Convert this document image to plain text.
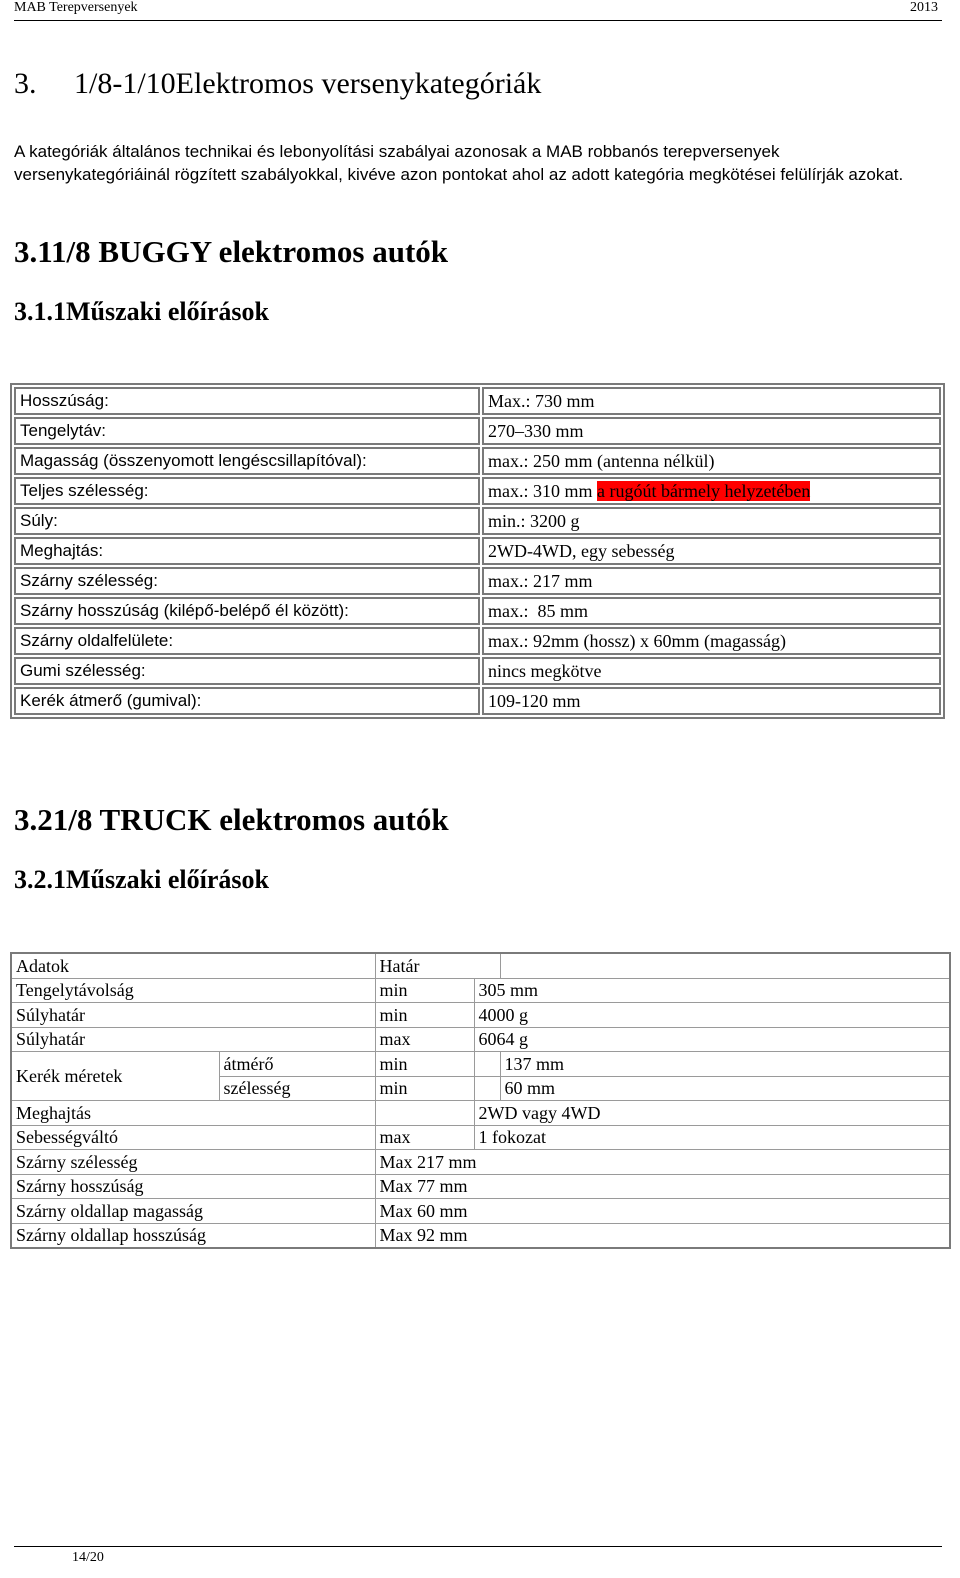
MAB Terepversenyek	2013
3. 1/8-1/10Elektromos versenykategóriák
A kategóriák általános technikai és lebonyolítási szabályai azonosak a MAB robbanós terepversenyek versenykategóriáinál rögzített szabályokkal, kivéve azon pontokat ahol az adott kategória megkötései felülírják azokat.
3.11/8 BUGGY elektromos autók
3.1.1Műszaki előírások
Hosszúság:	Max.: 730 mm
Tengelytáv:	270–330 mm
Magasság (összenyomott lengéscsillapítóval):	max.: 250 mm (antenna nélkül)
Teljes szélesség:	max.: 310 mm a rugóút bármely helyzetében
Súly:	min.: 3200 g
Meghajtás:	2WD-4WD, egy sebesség
Szárny szélesség:	max.: 217 mm
Szárny hosszúság (kilépő-belépő él között):	max.:  85 mm
Szárny oldalfelülete:	max.: 92mm (hossz) x 60mm (magasság)
Gumi szélesség:	nincs megkötve
Kerék átmerő (gumival):	109-120 mm
3.21/8 TRUCK elektromos autók
3.2.1Műszaki előírások
Adatok		Határ		
Tengelytávolság		min	305 mm	
Súlyhatár		min	4000 g	
Súlyhatár		max	6064 g	
Kerék méretek	átmérő	min		137 mm
	szélesség	min		60 mm
Meghajtás			2WD vagy 4WD	
Sebességváltó		max	1 fokozat	
Szárny szélesség		Max 217 mm		
Szárny hosszúság		Max 77 mm		
Szárny oldallap magasság		Max 60 mm		
Szárny oldallap hosszúság		Max 92 mm		
14/20
